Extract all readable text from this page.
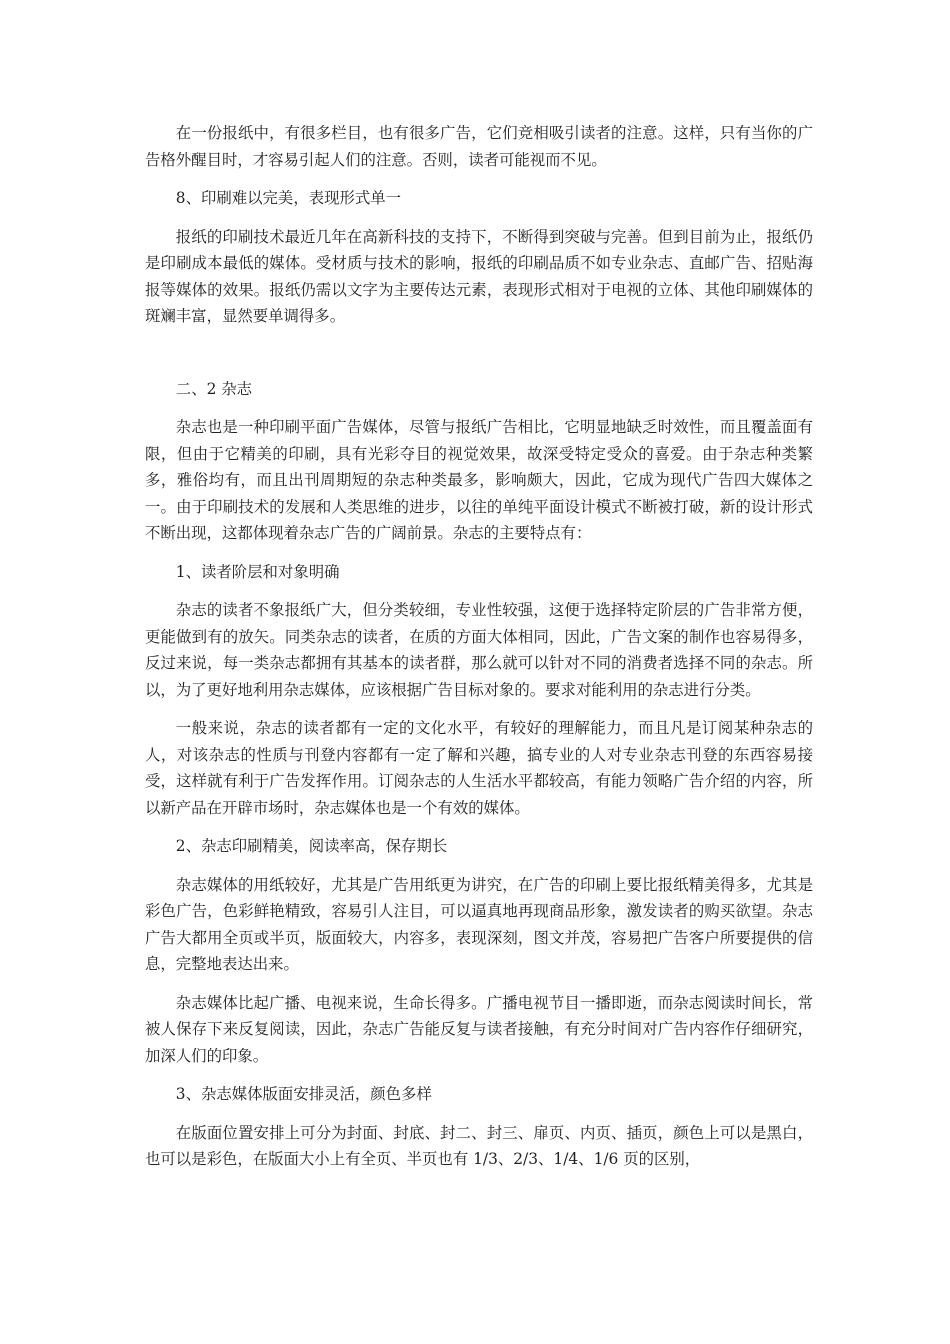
在一份报纸中，有很多栏目，也有很多广告，它们竞相吸引读者的注意。这样，只有当你的广告格外醒目时，才容易引起人们的注意。否则，读者可能视而不见。

8、印刷难以完美，表现形式单一

报纸的印刷技术最近几年在高新科技的支持下，不断得到突破与完善。但到目前为止，报纸仍是印刷成本最低的媒体。受材质与技术的影响，报纸的印刷品质不如专业杂志、直邮广告、招贴海报等媒体的效果。报纸仍需以文字为主要传达元素，表现形式相对于电视的立体、其他印刷媒体的斑斓丰富，显然要单调得多。

二、2 杂志

杂志也是一种印刷平面广告媒体，尽管与报纸广告相比，它明显地缺乏时效性，而且覆盖面有限，但由于它精美的印刷，具有光彩夺目的视觉效果，故深受特定受众的喜爱。由于杂志种类繁多，雅俗均有，而且出刊周期短的杂志种类最多，影响颇大，因此，它成为现代广告四大媒体之一。由于印刷技术的发展和人类思维的进步，以往的单纯平面设计模式不断被打破，新的设计形式不断出现，这都体现着杂志广告的广阔前景。杂志的主要特点有：

1、读者阶层和对象明确

杂志的读者不象报纸广大，但分类较细，专业性较强，这便于选择特定阶层的广告非常方便，更能做到有的放矢。同类杂志的读者，在质的方面大体相同，因此，广告文案的制作也容易得多，反过来说，每一类杂志都拥有其基本的读者群，那么就可以针对不同的消费者选择不同的杂志。所以，为了更好地利用杂志媒体，应该根据广告目标对象的。要求对能利用的杂志进行分类。

一般来说，杂志的读者都有一定的文化水平，有较好的理解能力，而且凡是订阅某种杂志的人，对该杂志的性质与刊登内容都有一定了解和兴趣，搞专业的人对专业杂志刊登的东西容易接受，这样就有利于广告发挥作用。订阅杂志的人生活水平都较高，有能力领略广告介绍的内容，所以新产品在开辟市场时，杂志媒体也是一个有效的媒体。

2、杂志印刷精美，阅读率高，保存期长

杂志媒体的用纸较好，尤其是广告用纸更为讲究，在广告的印刷上要比报纸精美得多，尤其是彩色广告，色彩鲜艳精致，容易引人注目，可以逼真地再现商品形象，激发读者的购买欲望。杂志广告大都用全页或半页，版面较大，内容多，表现深刻，图文并茂，容易把广告客户所要提供的信息，完整地表达出来。

杂志媒体比起广播、电视来说，生命长得多。广播电视节目一播即逝，而杂志阅读时间长，常被人保存下来反复阅读，因此，杂志广告能反复与读者接触，有充分时间对广告内容作仔细研究，加深人们的印象。

3、杂志媒体版面安排灵活，颜色多样

在版面位置安排上可分为封面、封底、封二、封三、扉页、内页、插页，颜色上可以是黑白，也可以是彩色，在版面大小上有全页、半页也有 1/3、2/3、1/4、1/6 页的区别，
